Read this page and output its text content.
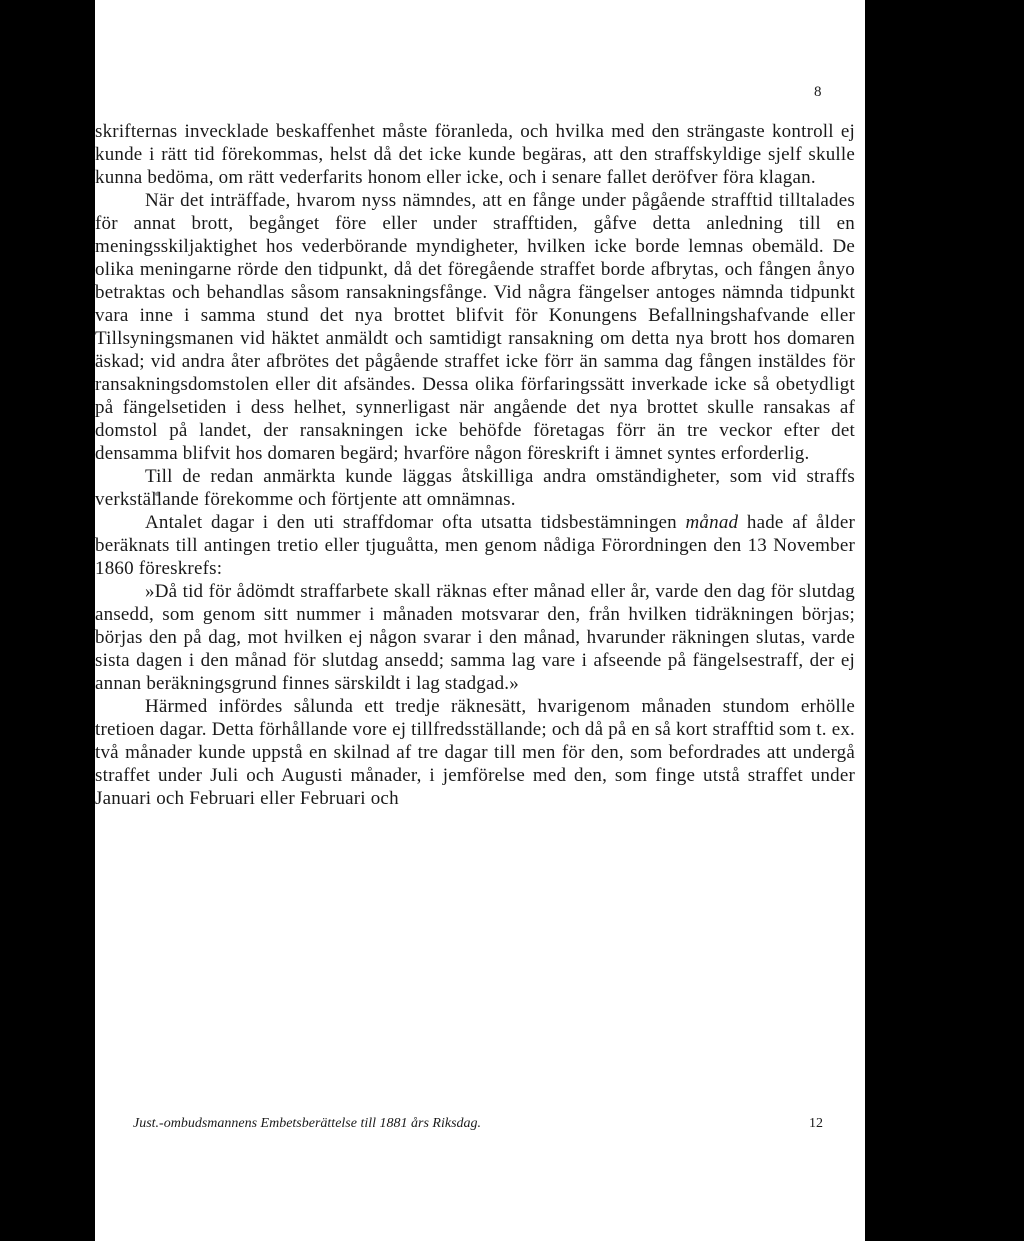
8

skrifternas invecklade beskaffenhet måste föranleda, och hvilka med den strängaste kontroll ej kunde i rätt tid förekommas, helst då det icke kunde begäras, att den straffskyldige sjelf skulle kunna bedöma, om rätt vederfarits honom eller icke, och i senare fallet deröfver föra klagan.

När det inträffade, hvarom nyss nämndes, att en fånge under pågående strafftid tilltalades för annat brott, begånget före eller under strafftiden, gåfve detta anledning till en meningsskiljaktighet hos vederbörande myndigheter, hvilken icke borde lemnas obemäld. De olika meningarne rörde den tidpunkt, då det föregående straffet borde afbrytas, och fången ånyo betraktas och behandlas såsom ransakningsfånge. Vid några fängelser antoges nämnda tidpunkt vara inne i samma stund det nya brottet blifvit för Konungens Befallningshafvande eller Tillsyningsmanen vid häktet anmäldt och samtidigt ransakning om detta nya brott hos domaren äskad; vid andra åter afbrötes det pågående straffet icke förr än samma dag fången instäldes för ransakningsdomstolen eller dit afsändes. Dessa olika förfaringssätt inverkade icke så obetydligt på fängelsetiden i dess helhet, synnerligast när angående det nya brottet skulle ransakas af domstol på landet, der ransakningen icke behöfde företagas förr än tre veckor efter det densamma blifvit hos domaren begärd; hvarföre någon föreskrift i ämnet syntes erforderlig.

Till de redan anmärkta kunde läggas åtskilliga andra omständigheter, som vid straffs verkställande förekomme och förtjente att omnämnas.

Antalet dagar i den uti straffdomar ofta utsatta tidsbestämningen månad hade af ålder beräknats till antingen tretio eller tjuguåtta, men genom nådiga Förordningen den 13 November 1860 föreskrefs:

»Då tid för ådömdt straffarbete skall räknas efter månad eller år, varde den dag för slutdag ansedd, som genom sitt nummer i månaden motsvarar den, från hvilken tidräkningen börjas; börjas den på dag, mot hvilken ej någon svarar i den månad, hvarunder räkningen slutas, varde sista dagen i den månad för slutdag ansedd; samma lag vare i afseende på fängelsestraff, der ej annan beräkningsgrund finnes särskildt i lag stadgad.»

Härmed infördes sålunda ett tredje räknesätt, hvarigenom månaden stundom erhölle tretioen dagar. Detta förhållande vore ej tillfredsställande; och då på en så kort strafftid som t. ex. två månader kunde uppstå en skilnad af tre dagar till men för den, som befordrades att undergå straffet under Juli och Augusti månader, i jemförelse med den, som finge utstå straffet under Januari och Februari eller Februari och

Just.-ombudsmannens Embetsberättelse till 1881 års Riksdag.	12
